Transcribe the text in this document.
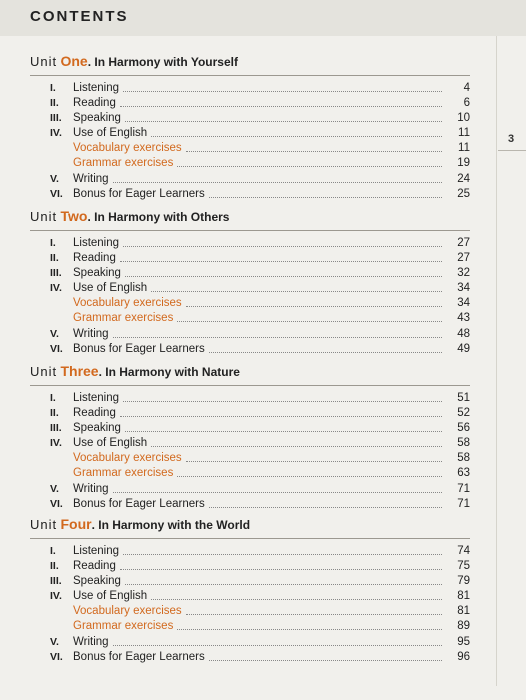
CONTENTS
3
Unit One. In Harmony with Yourself
I. Listening	4
II. Reading	6
III. Speaking	10
IV. Use of English	11
Vocabulary exercises	11
Grammar exercises	19
V. Writing	24
VI. Bonus for Eager Learners	25
Unit Two. In Harmony with Others
I. Listening	27
II. Reading	27
III. Speaking	32
IV. Use of English	34
Vocabulary exercises	34
Grammar exercises	43
V. Writing	48
VI. Bonus for Eager Learners	49
Unit Three. In Harmony with Nature
I. Listening	51
II. Reading	52
III. Speaking	56
IV. Use of English	58
Vocabulary exercises	58
Grammar exercises	63
V. Writing	71
VI. Bonus for Eager Learners	71
Unit Four. In Harmony with the World
I. Listening	74
II. Reading	75
III. Speaking	79
IV. Use of English	81
Vocabulary exercises	81
Grammar exercises	89
V. Writing	95
VI. Bonus for Eager Learners	96
